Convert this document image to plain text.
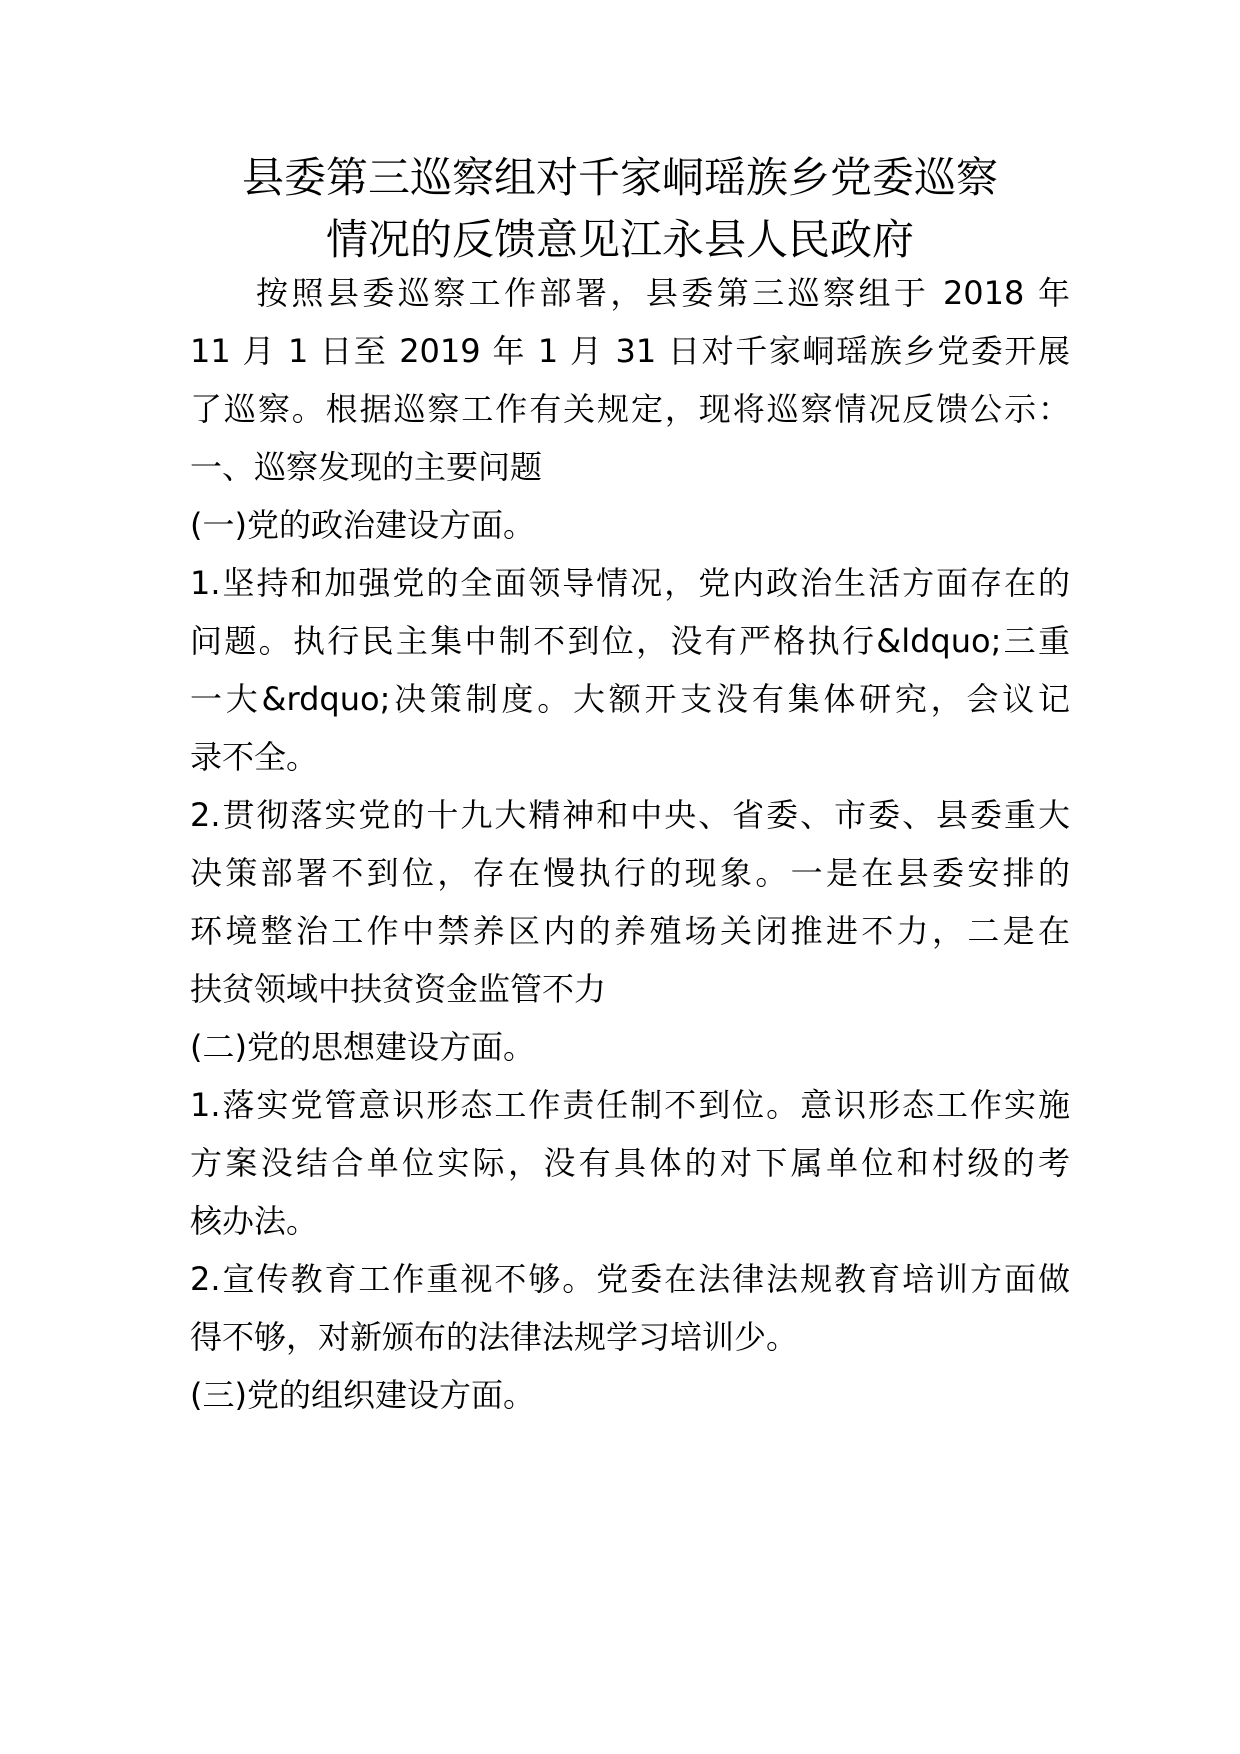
县委第三巡察组对千家峒瑶族乡党委巡察
情况的反馈意见江永县人民政府
按照县委巡察工作部署，县委第三巡察组于 2018 年
11 月 1 日至 2019 年 1 月 31 日对千家峒瑶族乡党委开展
了巡察。根据巡察工作有关规定，现将巡察情况反馈公示：
一、巡察发现的主要问题
(一)党的政治建设方面。
1.坚持和加强党的全面领导情况，党内政治生活方面存在的
问题。执行民主集中制不到位，没有严格执行&ldquo;三重
一大&rdquo;决策制度。大额开支没有集体研究，会议记
录不全。
2.贯彻落实党的十九大精神和中央、省委、市委、县委重大
决策部署不到位，存在慢执行的现象。一是在县委安排的
环境整治工作中禁养区内的养殖场关闭推进不力，二是在
扶贫领域中扶贫资金监管不力
(二)党的思想建设方面。
1.落实党管意识形态工作责任制不到位。意识形态工作实施
方案没结合单位实际，没有具体的对下属单位和村级的考
核办法。
2.宣传教育工作重视不够。党委在法律法规教育培训方面做
得不够，对新颁布的法律法规学习培训少。
(三)党的组织建设方面。
